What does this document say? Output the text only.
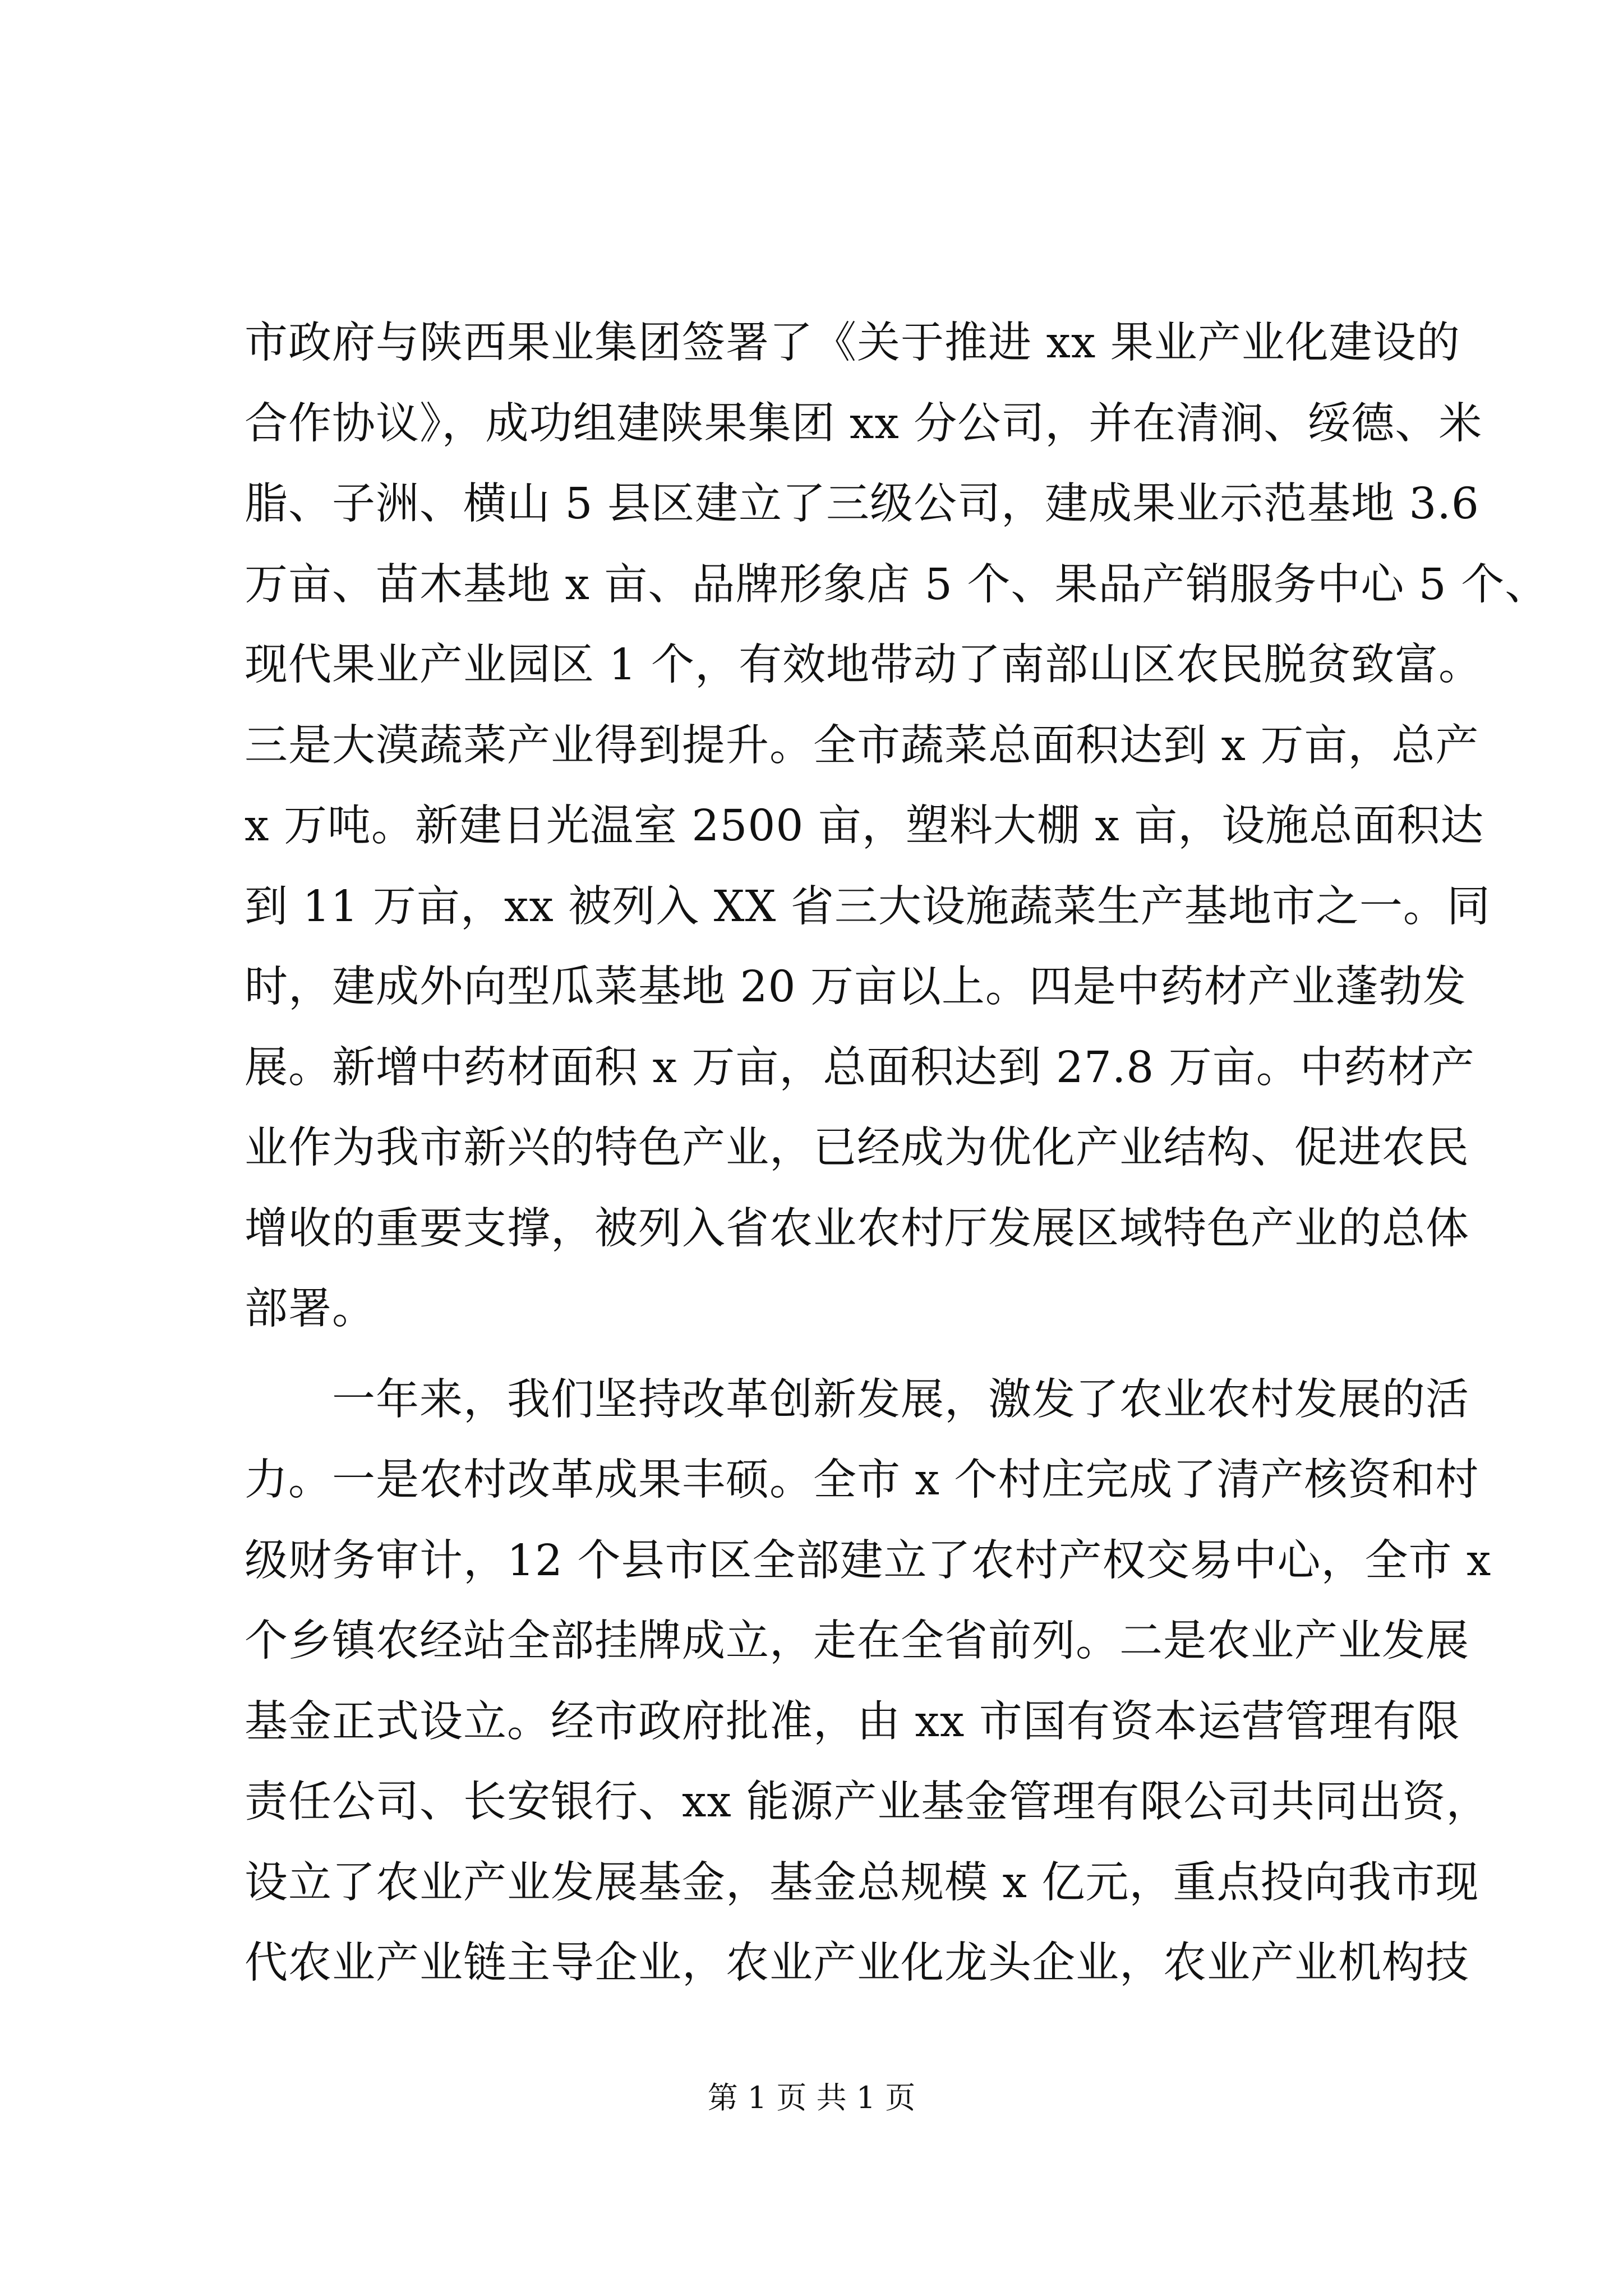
市政府与陕西果业集团签署了《关于推进 xx 果业产业化建设的
合作协议》，成功组建陕果集团 xx 分公司，并在清涧、绥德、米
脂、子洲、横山 5 县区建立了三级公司，建成果业示范基地 3.6
万亩、苗木基地 x 亩、品牌形象店 5 个、果品产销服务中心 5 个、
现代果业产业园区 1 个，有效地带动了南部山区农民脱贫致富。
三是大漠蔬菜产业得到提升。全市蔬菜总面积达到 x 万亩，总产
x 万吨。新建日光温室 2500 亩，塑料大棚 x 亩，设施总面积达
到 11 万亩，xx 被列入 XX 省三大设施蔬菜生产基地市之一。同
时，建成外向型瓜菜基地 20 万亩以上。四是中药材产业蓬勃发
展。新增中药材面积 x 万亩，总面积达到 27.8 万亩。中药材产
业作为我市新兴的特色产业，已经成为优化产业结构、促进农民
增收的重要支撑，被列入省农业农村厅发展区域特色产业的总体
部署。
　　一年来，我们坚持改革创新发展，激发了农业农村发展的活
力。一是农村改革成果丰硕。全市 x 个村庄完成了清产核资和村
级财务审计，12 个县市区全部建立了农村产权交易中心，全市 x
个乡镇农经站全部挂牌成立，走在全省前列。二是农业产业发展
基金正式设立。经市政府批准，由 xx 市国有资本运营管理有限
责任公司、长安银行、xx 能源产业基金管理有限公司共同出资，
设立了农业产业发展基金，基金总规模 x 亿元，重点投向我市现
代农业产业链主导企业，农业产业化龙头企业，农业产业机构技
第 1 页 共 1 页
